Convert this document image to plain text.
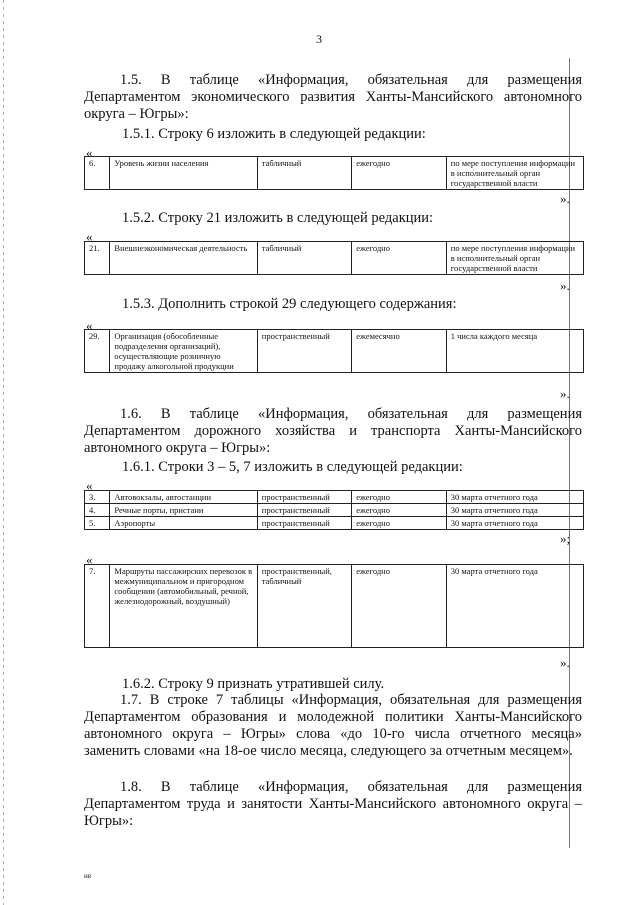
3
1.5. В таблице «Информация, обязательная для размещения Департаментом экономического развития Ханты-Мансийского автономного округа – Югры»:
1.5.1. Строку 6 изложить в следующей редакции:
«
6.	Уровень жизни населения	табличный	ежегодно	по мере поступления информации в исполнительный орган государственной власти
».
1.5.2. Строку 21 изложить в следующей редакции:
«
21.	Внешнеэкономическая деятельность	табличный	ежегодно	по мере поступления информации в исполнительный орган государственной власти
».
1.5.3. Дополнить строкой 29 следующего содержания:
«
29.	Организация (обособленные подразделения организаций), осуществляющие розничную продажу алкогольной продукции	пространственный	ежемесячно	1 числа каждого месяца
».
1.6. В таблице «Информация, обязательная для размещения Департаментом дорожного хозяйства и транспорта Ханты-Мансийского автономного округа – Югры»:
1.6.1. Строки 3 – 5, 7 изложить в следующей редакции:
«
3.	Автовокзалы, автостанции	пространственный	ежегодно	30 марта отчетного года
4.	Речные порты, пристани	пространственный	ежегодно	30 марта отчетного года
5.	Аэропорты	пространственный	ежегодно	30 марта отчетного года
»;
«
7.	Маршруты пассажирских перевозок в межмуниципальном и пригородном сообщении (автомобильный, речной, железнодорожный, воздушный)	пространственный, табличный	ежегодно	30 марта отчетного года
».
1.6.2. Строку 9 признать утратившей силу.
1.7. В строке 7 таблицы «Информация, обязательная для размещения Департаментом образования и молодежной политики Ханты-Мансийского автономного округа – Югры» слова «до 10-го числа отчетного месяца» заменить словами «на 18-ое число месяца, следующего за отчетным месяцем».
1.8. В таблице «Информация, обязательная для размещения Департаментом труда и занятости Ханты-Мансийского автономного округа – Югры»:
нв
